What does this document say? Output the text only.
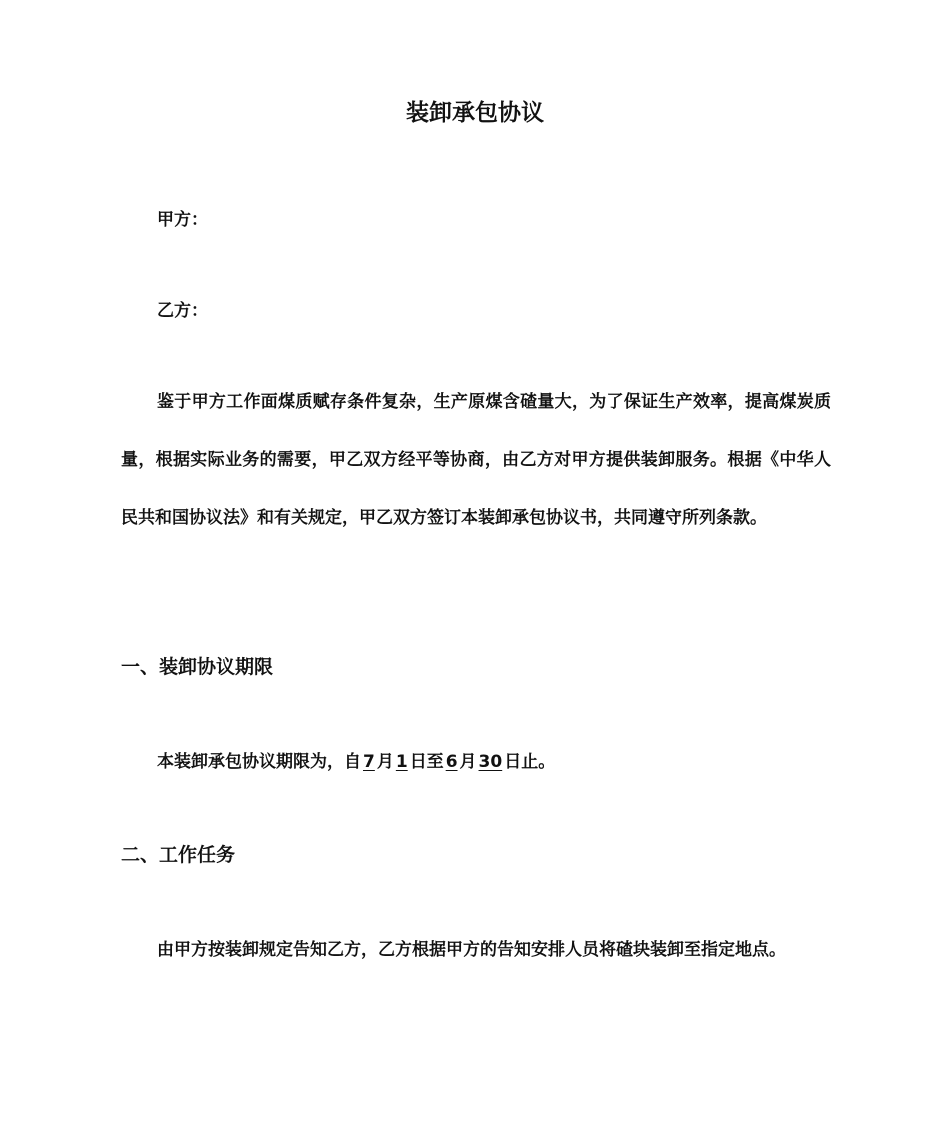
装卸承包协议
甲方：
乙方：
鉴于甲方工作面煤质赋存条件复杂，生产原煤含碴量大，为了保证生产效率，提高煤炭质量，根据实际业务的需要，甲乙双方经平等协商，由乙方对甲方提供装卸服务。根据《中华人民共和国协议法》和有关规定，甲乙双方签订本装卸承包协议书，共同遵守所列条款。
一、装卸协议期限
本装卸承包协议期限为，自 7 月 1 日至 6 月 30 日止。
二、工作任务
由甲方按装卸规定告知乙方，乙方根据甲方的告知安排人员将碴块装卸至指定地点。
